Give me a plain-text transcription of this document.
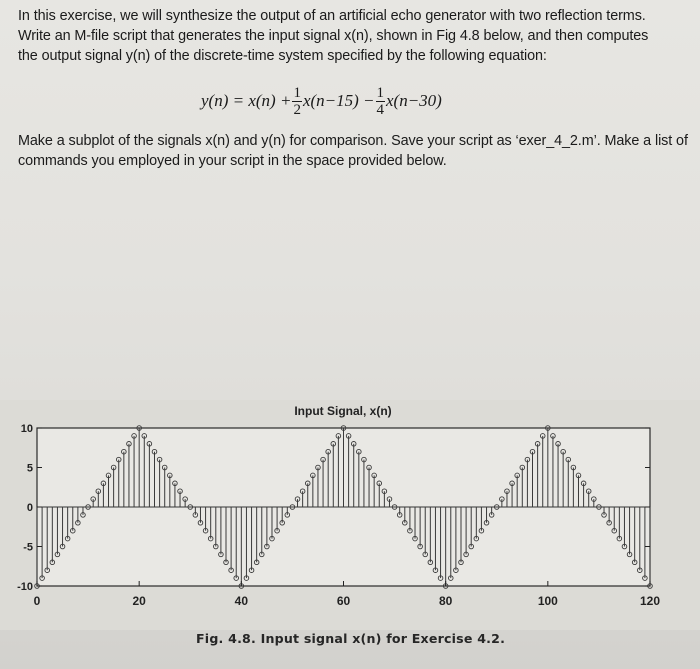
In this exercise, we will synthesize the output of an artificial echo generator with two reflection terms.
Write an M-file script that generates the input signal x(n), shown in Fig 4.8 below, and then computes
the output signal y(n) of the discrete-time system specified by the following equation:
$y(n) = x(n) + \frac{1}{2} x(n-15) - \frac{1}{4} x(n-30)$
Make a subplot of the signals x(n) and y(n) for comparison. Save your script as ‘exer_4_2.m’. Make a list of
commands you employed in your script in the space provided below.
Input Signal, x(n)
0	20	40	60	80	100	120
10
5
0
-5
-10
Fig. 4.8. Input signal x(n) for Exercise 4.2.
